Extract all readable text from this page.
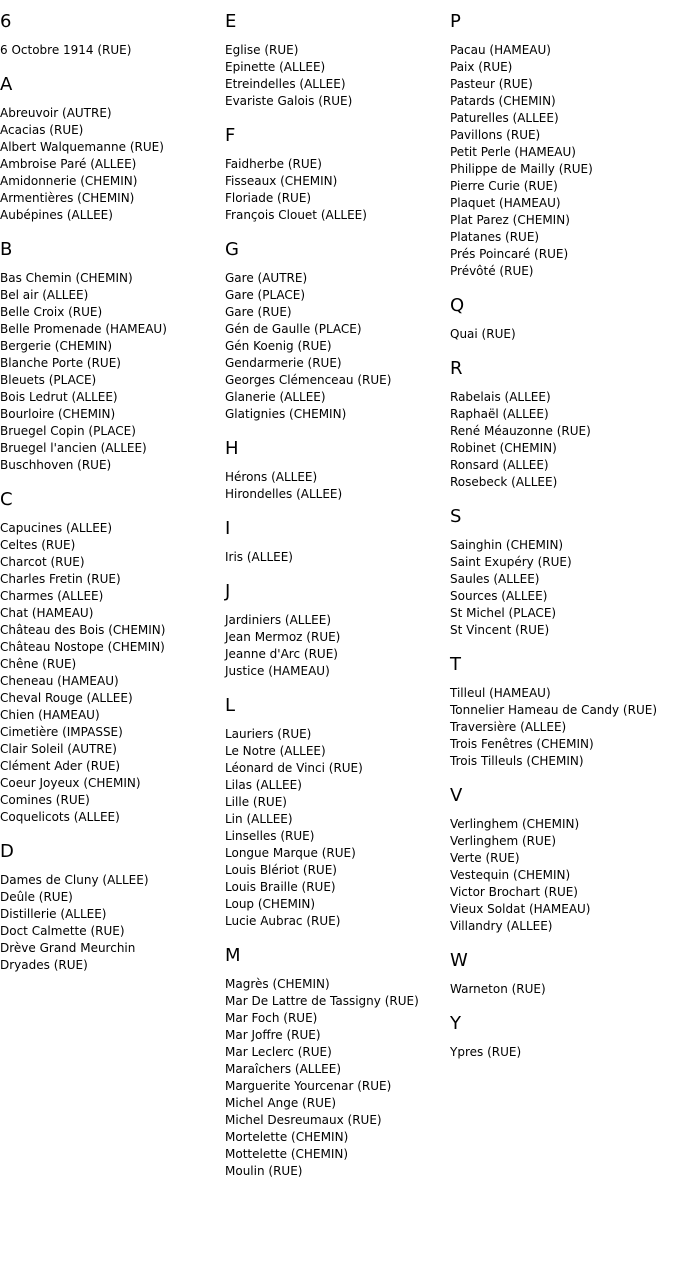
6
6 Octobre 1914 (RUE)
A
Abreuvoir (AUTRE)
Acacias (RUE)
Albert Walquemanne (RUE)
Ambroise Paré (ALLEE)
Amidonnerie (CHEMIN)
Armentières (CHEMIN)
Aubépines (ALLEE)
B
Bas Chemin (CHEMIN)
Bel air (ALLEE)
Belle Croix (RUE)
Belle Promenade (HAMEAU)
Bergerie (CHEMIN)
Blanche Porte (RUE)
Bleuets (PLACE)
Bois Ledrut (ALLEE)
Bourloire (CHEMIN)
Bruegel Copin (PLACE)
Bruegel l'ancien (ALLEE)
Buschhoven (RUE)
C
Capucines (ALLEE)
Celtes (RUE)
Charcot (RUE)
Charles Fretin (RUE)
Charmes (ALLEE)
Chat (HAMEAU)
Château des Bois (CHEMIN)
Château Nostope (CHEMIN)
Chêne (RUE)
Cheneau (HAMEAU)
Cheval Rouge (ALLEE)
Chien (HAMEAU)
Cimetière (IMPASSE)
Clair Soleil (AUTRE)
Clément Ader (RUE)
Coeur Joyeux (CHEMIN)
Comines (RUE)
Coquelicots (ALLEE)
D
Dames de Cluny (ALLEE)
Deûle (RUE)
Distillerie (ALLEE)
Doct Calmette (RUE)
Drève Grand Meurchin
Dryades (RUE)
E
Eglise (RUE)
Epinette (ALLEE)
Etreindelles (ALLEE)
Evariste Galois (RUE)
F
Faidherbe (RUE)
Fisseaux (CHEMIN)
Floriade (RUE)
François Clouet (ALLEE)
G
Gare (AUTRE)
Gare (PLACE)
Gare (RUE)
Gén de Gaulle (PLACE)
Gén Koenig (RUE)
Gendarmerie (RUE)
Georges Clémenceau (RUE)
Glanerie (ALLEE)
Glatignies (CHEMIN)
H
Hérons (ALLEE)
Hirondelles (ALLEE)
I
Iris (ALLEE)
J
Jardiniers (ALLEE)
Jean Mermoz (RUE)
Jeanne d'Arc (RUE)
Justice (HAMEAU)
L
Lauriers (RUE)
Le Notre (ALLEE)
Léonard de Vinci (RUE)
Lilas (ALLEE)
Lille (RUE)
Lin (ALLEE)
Linselles (RUE)
Longue Marque (RUE)
Louis Blériot (RUE)
Louis Braille (RUE)
Loup (CHEMIN)
Lucie Aubrac (RUE)
M
Magrès (CHEMIN)
Mar De Lattre de Tassigny (RUE)
Mar Foch (RUE)
Mar Joffre (RUE)
Mar Leclerc (RUE)
Maraîchers (ALLEE)
Marguerite Yourcenar (RUE)
Michel Ange (RUE)
Michel Desreumaux (RUE)
Mortelette (CHEMIN)
Mottelette (CHEMIN)
Moulin (RUE)
P
Pacau (HAMEAU)
Paix (RUE)
Pasteur (RUE)
Patards (CHEMIN)
Paturelles (ALLEE)
Pavillons (RUE)
Petit Perle (HAMEAU)
Philippe de Mailly (RUE)
Pierre Curie (RUE)
Plaquet (HAMEAU)
Plat Parez (CHEMIN)
Platanes (RUE)
Prés Poincaré (RUE)
Prévôté (RUE)
Q
Quai (RUE)
R
Rabelais (ALLEE)
Raphaël (ALLEE)
René Méauzonne (RUE)
Robinet (CHEMIN)
Ronsard (ALLEE)
Rosebeck (ALLEE)
S
Sainghin (CHEMIN)
Saint Exupéry (RUE)
Saules (ALLEE)
Sources (ALLEE)
St Michel (PLACE)
St Vincent (RUE)
T
Tilleul (HAMEAU)
Tonnelier Hameau de Candy (RUE)
Traversière (ALLEE)
Trois Fenêtres (CHEMIN)
Trois Tilleuls (CHEMIN)
V
Verlinghem (CHEMIN)
Verlinghem (RUE)
Verte (RUE)
Vestequin (CHEMIN)
Victor Brochart (RUE)
Vieux Soldat (HAMEAU)
Villandry (ALLEE)
W
Warneton (RUE)
Y
Ypres (RUE)
